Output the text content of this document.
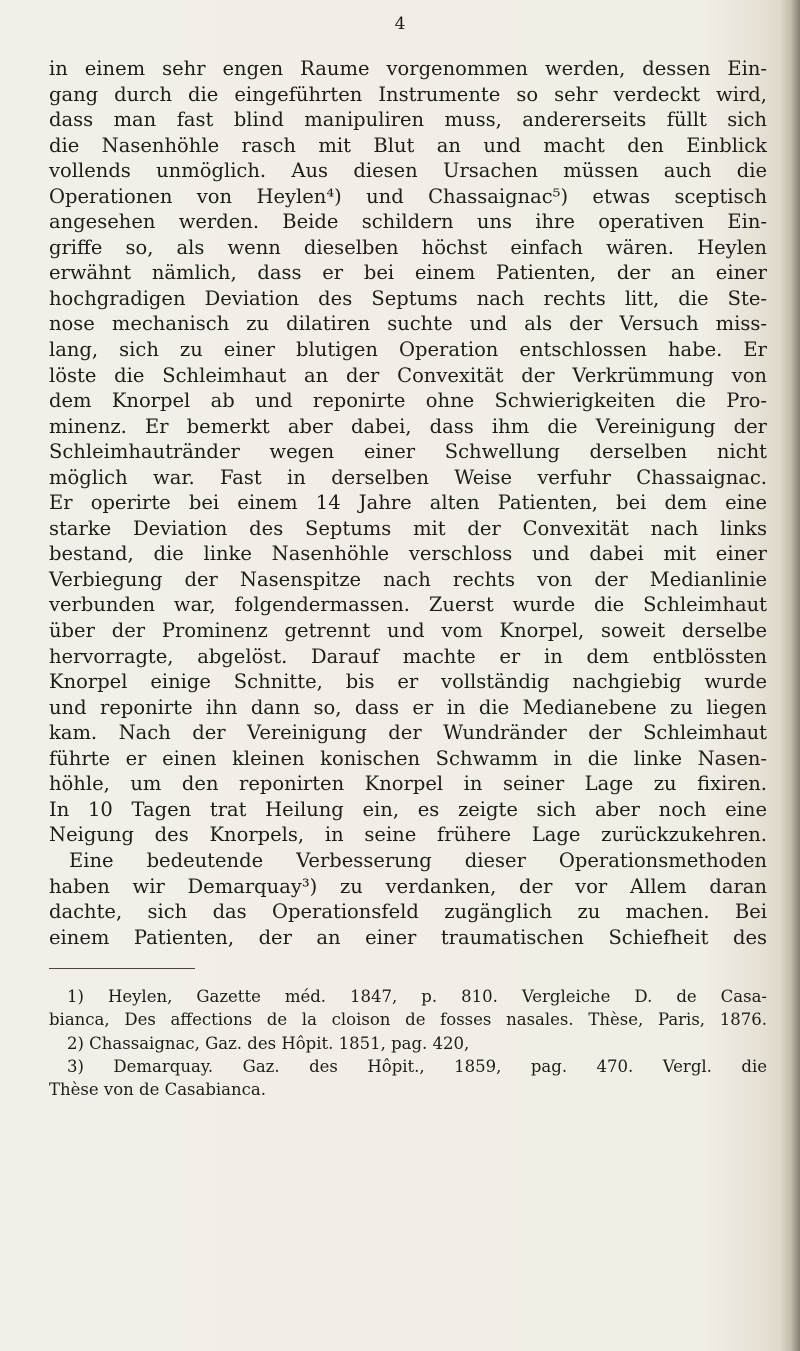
4
in einem sehr engen Raume vorgenommen werden, dessen Ein-
gang durch die eingeführten Instrumente so sehr verdeckt wird,
dass man fast blind manipuliren muss, andererseits füllt sich
die Nasenhöhle rasch mit Blut an und macht den Einblick
vollends unmöglich. Aus diesen Ursachen müssen auch die
Operationen von Heylen⁴) und Chassaignac⁵) etwas sceptisch
angesehen werden. Beide schildern uns ihre operativen Ein-
griffe so, als wenn dieselben höchst einfach wären. Heylen
erwähnt nämlich, dass er bei einem Patienten, der an einer
hochgradigen Deviation des Septums nach rechts litt, die Ste-
nose mechanisch zu dilatiren suchte und als der Versuch miss-
lang, sich zu einer blutigen Operation entschlossen habe. Er
löste die Schleimhaut an der Convexität der Verkrümmung von
dem Knorpel ab und reponirte ohne Schwierigkeiten die Pro-
minenz. Er bemerkt aber dabei, dass ihm die Vereinigung der
Schleimhautränder wegen einer Schwellung derselben nicht
möglich war. Fast in derselben Weise verfuhr Chassaignac.
Er operirte bei einem 14 Jahre alten Patienten, bei dem eine
starke Deviation des Septums mit der Convexität nach links
bestand, die linke Nasenhöhle verschloss und dabei mit einer
Verbiegung der Nasenspitze nach rechts von der Medianlinie
verbunden war, folgendermassen. Zuerst wurde die Schleimhaut
über der Prominenz getrennt und vom Knorpel, soweit derselbe
hervorragte, abgelöst. Darauf machte er in dem entblössten
Knorpel einige Schnitte, bis er vollständig nachgiebig wurde
und reponirte ihn dann so, dass er in die Medianebene zu liegen
kam. Nach der Vereinigung der Wundränder der Schleimhaut
führte er einen kleinen konischen Schwamm in die linke Nasen-
höhle, um den reponirten Knorpel in seiner Lage zu fixiren.
In 10 Tagen trat Heilung ein, es zeigte sich aber noch eine
Neigung des Knorpels, in seine frühere Lage zurückzukehren.
Eine bedeutende Verbesserung dieser Operationsmethoden
haben wir Demarquay³) zu verdanken, der vor Allem daran
dachte, sich das Operationsfeld zugänglich zu machen. Bei
einem Patienten, der an einer traumatischen Schiefheit des
1) Heylen, Gazette méd. 1847, p. 810. Vergleiche D. de Casa-
bianca, Des affections de la cloison de fosses nasales. Thèse, Paris, 1876.
2) Chassaignac, Gaz. des Hôpit. 1851, pag. 420,
3) Demarquay. Gaz. des Hôpit., 1859, pag. 470. Vergl. die
Thèse von de Casabianca.
